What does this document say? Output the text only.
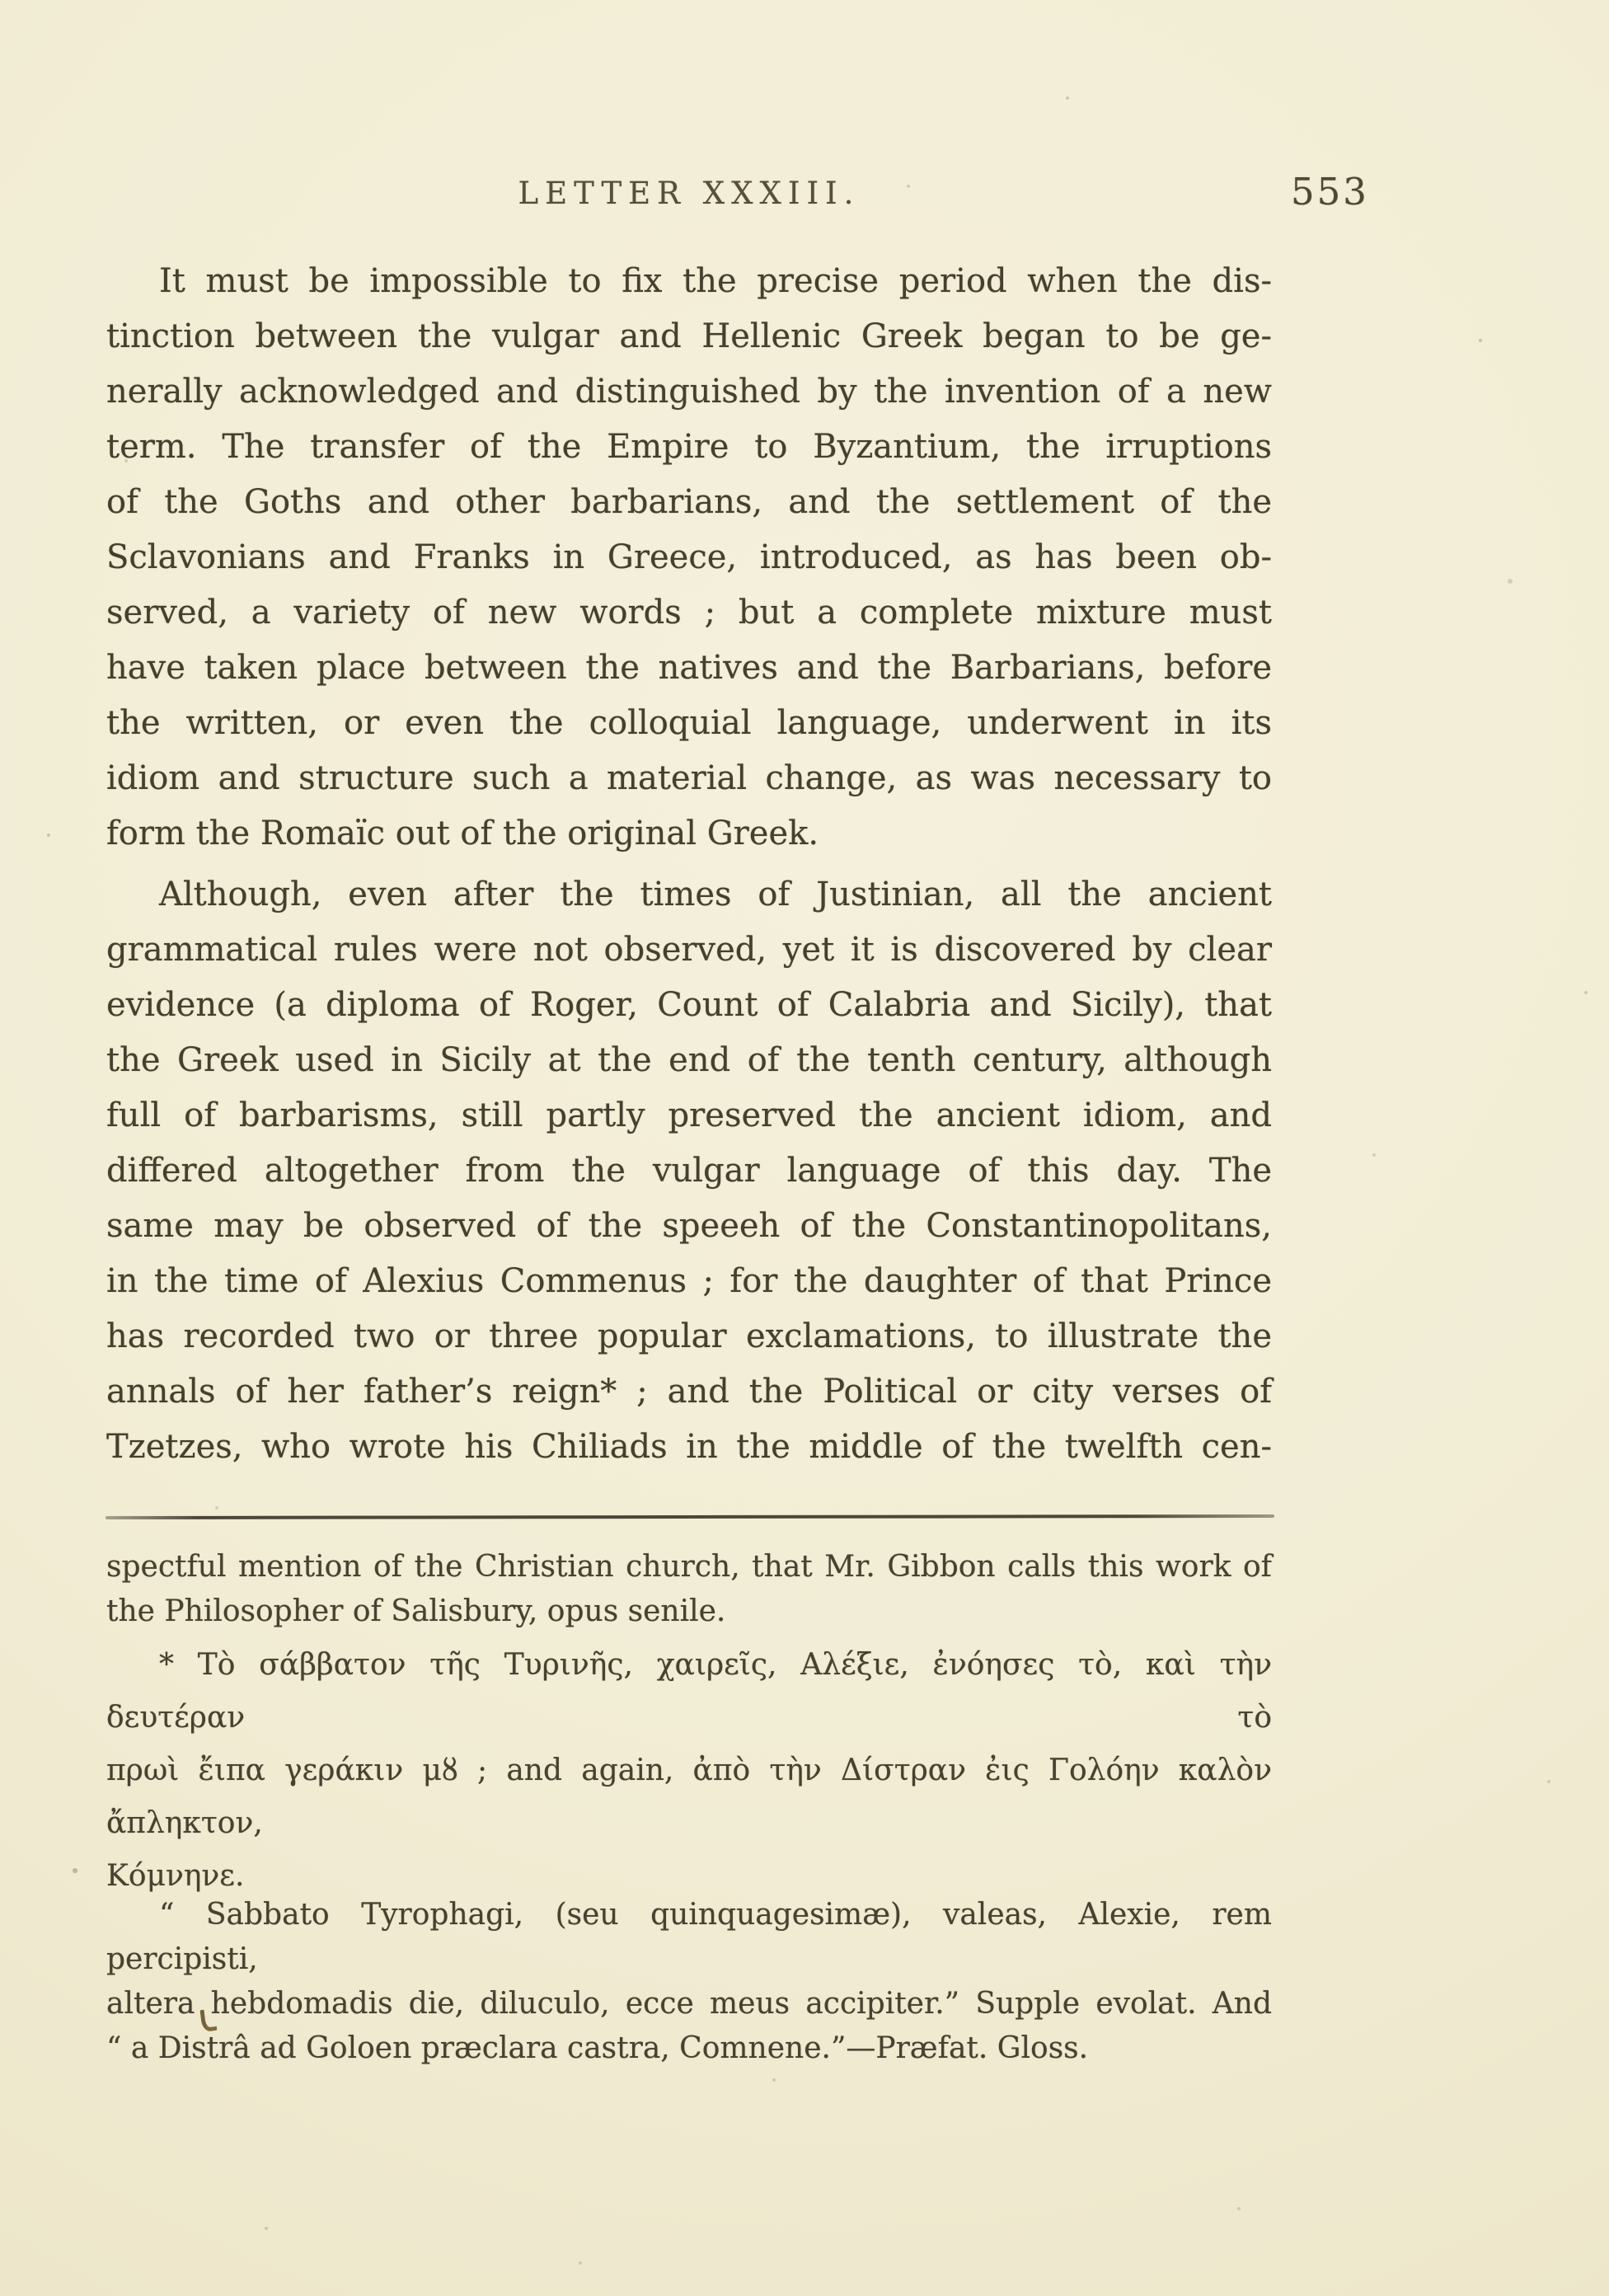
LETTER XXXIII.	553
It must be impossible to fix the precise period when the dis-
tinction between the vulgar and Hellenic Greek began to be ge-
nerally acknowledged and distinguished by the invention of a new
term. The transfer of the Empire to Byzantium, the irruptions
of the Goths and other barbarians, and the settlement of the
Sclavonians and Franks in Greece, introduced, as has been ob-
served, a variety of new words ; but a complete mixture must
have taken place between the natives and the Barbarians, before
the written, or even the colloquial language, underwent in its
idiom and structure such a material change, as was necessary to
form the Romaïc out of the original Greek.
Although, even after the times of Justinian, all the ancient
grammatical rules were not observed, yet it is discovered by clear
evidence (a diploma of Roger, Count of Calabria and Sicily), that
the Greek used in Sicily at the end of the tenth century, although
full of barbarisms, still partly preserved the ancient idiom, and
differed altogether from the vulgar language of this day. The
same may be observed of the speeeh of the Constantinopolitans,
in the time of Alexius Commenus ; for the daughter of that Prince
has recorded two or three popular exclamations, to illustrate the
annals of her father’s reign* ; and the Political or city verses of
Tzetzes, who wrote his Chiliads in the middle of the twelfth cen-
spectful mention of the Christian church, that Mr. Gibbon calls this work of
the Philosopher of Salisbury, opus senile.
* Τὸ σάββατον τῆς Τυρινῆς, χαιρεῖς, Αλέξιε, ἐνόησες τὸ, καὶ τὴν δευτέραν τὸ
πρωὶ ἔιπα γεράκιν μȣ ; and again, ἀπὸ τὴν Δίστραν ἐις Γολόην καλὸν ἄπληκτον,
Κόμνηνε.
“ Sabbato Tyrophagi, (seu quinquagesimæ), valeas, Alexie, rem percipisti,
altera hebdomadis die, diluculo, ecce meus accipiter.” Supple evolat. And
“ a Distrâ ad Goloen præclara castra, Comnene.”—Præfat. Gloss.
